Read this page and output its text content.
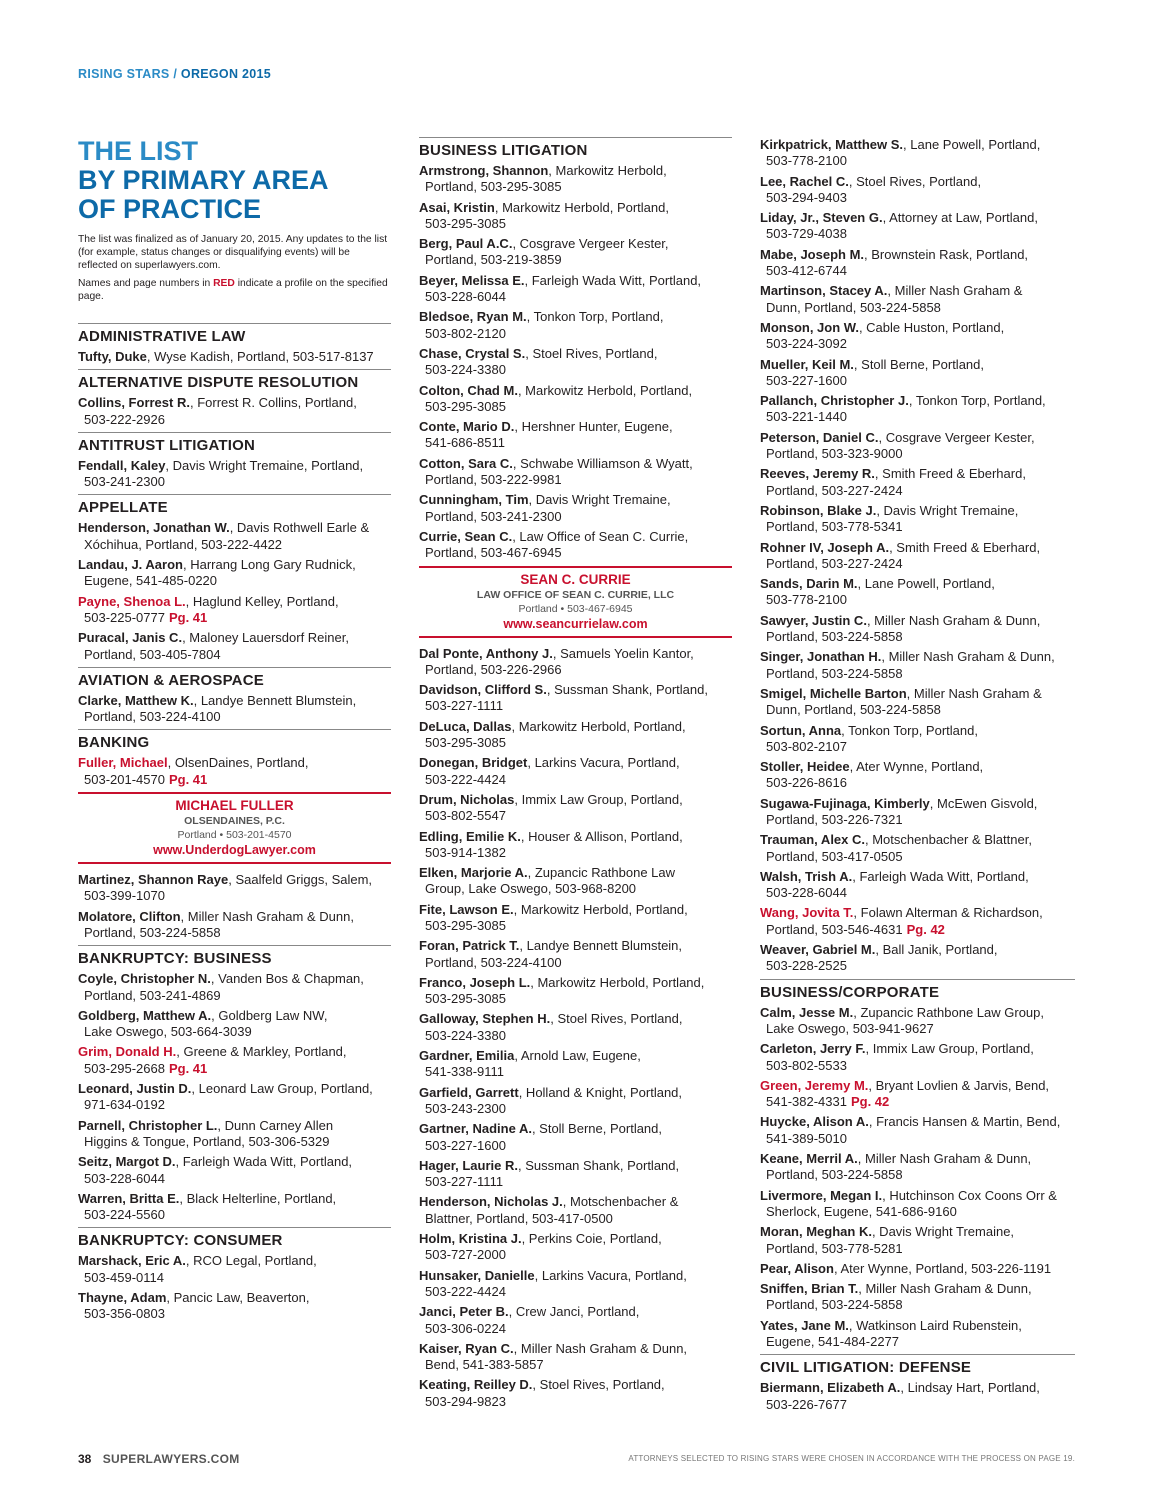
RISING STARS / OREGON 2015
THE LIST
BY PRIMARY AREA
OF PRACTICE

The list was finalized as of January 20, 2015. Any updates to the list (for example, status changes or disqualifying events) will be reflected on superlawyers.com.

Names and page numbers in RED indicate a profile on the specified page.

ADMINISTRATIVE LAW
Tufty, Duke, Wyse Kadish, Portland, 503-517-8137
ALTERNATIVE DISPUTE RESOLUTION
Collins, Forrest R., Forrest R. Collins, Portland,
503-222-2926
ANTITRUST LITIGATION
Fendall, Kaley, Davis Wright Tremaine, Portland,
503-241-2300
APPELLATE
Henderson, Jonathan W., Davis Rothwell Earle &
Xóchihua, Portland, 503-222-4422
Landau, J. Aaron, Harrang Long Gary Rudnick,
Eugene, 541-485-0220
Payne, Shenoa L., Haglund Kelley, Portland,
503-225-0777 Pg. 41
Puracal, Janis C., Maloney Lauersdorf Reiner,
Portland, 503-405-7804
AVIATION & AEROSPACE
Clarke, Matthew K., Landye Bennett Blumstein,
Portland, 503-224-4100
BANKING
Fuller, Michael, OlsenDaines, Portland,
503-201-4570 Pg. 41
MICHAEL FULLER
OLSENDAINES, P.C.
Portland • 503-201-4570
www.UnderdogLawyer.com
Martinez, Shannon Raye, Saalfeld Griggs, Salem,
503-399-1070
Molatore, Clifton, Miller Nash Graham & Dunn,
Portland, 503-224-5858
BANKRUPTCY: BUSINESS
Coyle, Christopher N., Vanden Bos & Chapman,
Portland, 503-241-4869
Goldberg, Matthew A., Goldberg Law NW,
Lake Oswego, 503-664-3039
Grim, Donald H., Greene & Markley, Portland,
503-295-2668 Pg. 41
Leonard, Justin D., Leonard Law Group, Portland,
971-634-0192
Parnell, Christopher L., Dunn Carney Allen
Higgins & Tongue, Portland, 503-306-5329
Seitz, Margot D., Farleigh Wada Witt, Portland,
503-228-6044
Warren, Britta E., Black Helterline, Portland,
503-224-5560
BANKRUPTCY: CONSUMER
Marshack, Eric A., RCO Legal, Portland,
503-459-0114
Thayne, Adam, Pancic Law, Beaverton,
503-356-0803
BUSINESS LITIGATION
Armstrong, Shannon, Markowitz Herbold,
Portland, 503-295-3085
Asai, Kristin, Markowitz Herbold, Portland,
503-295-3085
Berg, Paul A.C., Cosgrave Vergeer Kester,
Portland, 503-219-3859
Beyer, Melissa E., Farleigh Wada Witt, Portland,
503-228-6044
Bledsoe, Ryan M., Tonkon Torp, Portland,
503-802-2120
Chase, Crystal S., Stoel Rives, Portland,
503-224-3380
Colton, Chad M., Markowitz Herbold, Portland,
503-295-3085
Conte, Mario D., Hershner Hunter, Eugene,
541-686-8511
Cotton, Sara C., Schwabe Williamson & Wyatt,
Portland, 503-222-9981
Cunningham, Tim, Davis Wright Tremaine,
Portland, 503-241-2300
Currie, Sean C., Law Office of Sean C. Currie,
Portland, 503-467-6945
SEAN C. CURRIE
LAW OFFICE OF SEAN C. CURRIE, LLC
Portland • 503-467-6945
www.seancurrielaw.com
Dal Ponte, Anthony J., Samuels Yoelin Kantor,
Portland, 503-226-2966
Davidson, Clifford S., Sussman Shank, Portland,
503-227-1111
DeLuca, Dallas, Markowitz Herbold, Portland,
503-295-3085
Donegan, Bridget, Larkins Vacura, Portland,
503-222-4424
Drum, Nicholas, Immix Law Group, Portland,
503-802-5547
Edling, Emilie K., Houser & Allison, Portland,
503-914-1382
Elken, Marjorie A., Zupancic Rathbone Law
Group, Lake Oswego, 503-968-8200
Fite, Lawson E., Markowitz Herbold, Portland,
503-295-3085
Foran, Patrick T., Landye Bennett Blumstein,
Portland, 503-224-4100
Franco, Joseph L., Markowitz Herbold, Portland,
503-295-3085
Galloway, Stephen H., Stoel Rives, Portland,
503-224-3380
Gardner, Emilia, Arnold Law, Eugene,
541-338-9111
Garfield, Garrett, Holland & Knight, Portland,
503-243-2300
Gartner, Nadine A., Stoll Berne, Portland,
503-227-1600
Hager, Laurie R., Sussman Shank, Portland,
503-227-1111
Henderson, Nicholas J., Motschenbacher &
Blattner, Portland, 503-417-0500
Holm, Kristina J., Perkins Coie, Portland,
503-727-2000
Hunsaker, Danielle, Larkins Vacura, Portland,
503-222-4424
Janci, Peter B., Crew Janci, Portland,
503-306-0224
Kaiser, Ryan C., Miller Nash Graham & Dunn,
Bend, 541-383-5857
Keating, Reilley D., Stoel Rives, Portland,
503-294-9823
Kirkpatrick, Matthew S., Lane Powell, Portland,
503-778-2100
Lee, Rachel C., Stoel Rives, Portland,
503-294-9403
Liday, Jr., Steven G., Attorney at Law, Portland,
503-729-4038
Mabe, Joseph M., Brownstein Rask, Portland,
503-412-6744
Martinson, Stacey A., Miller Nash Graham &
Dunn, Portland, 503-224-5858
Monson, Jon W., Cable Huston, Portland,
503-224-3092
Mueller, Keil M., Stoll Berne, Portland,
503-227-1600
Pallanch, Christopher J., Tonkon Torp, Portland,
503-221-1440
Peterson, Daniel C., Cosgrave Vergeer Kester,
Portland, 503-323-9000
Reeves, Jeremy R., Smith Freed & Eberhard,
Portland, 503-227-2424
Robinson, Blake J., Davis Wright Tremaine,
Portland, 503-778-5341
Rohner IV, Joseph A., Smith Freed & Eberhard,
Portland, 503-227-2424
Sands, Darin M., Lane Powell, Portland,
503-778-2100
Sawyer, Justin C., Miller Nash Graham & Dunn,
Portland, 503-224-5858
Singer, Jonathan H., Miller Nash Graham & Dunn,
Portland, 503-224-5858
Smigel, Michelle Barton, Miller Nash Graham &
Dunn, Portland, 503-224-5858
Sortun, Anna, Tonkon Torp, Portland,
503-802-2107
Stoller, Heidee, Ater Wynne, Portland,
503-226-8616
Sugawa-Fujinaga, Kimberly, McEwen Gisvold,
Portland, 503-226-7321
Trauman, Alex C., Motschenbacher & Blattner,
Portland, 503-417-0505
Walsh, Trish A., Farleigh Wada Witt, Portland,
503-228-6044
Wang, Jovita T., Folawn Alterman & Richardson,
Portland, 503-546-4631 Pg. 42
Weaver, Gabriel M., Ball Janik, Portland,
503-228-2525
BUSINESS/CORPORATE
Calm, Jesse M., Zupancic Rathbone Law Group,
Lake Oswego, 503-941-9627
Carleton, Jerry F., Immix Law Group, Portland,
503-802-5533
Green, Jeremy M., Bryant Lovlien & Jarvis, Bend,
541-382-4331 Pg. 42
Huycke, Alison A., Francis Hansen & Martin, Bend,
541-389-5010
Keane, Merril A., Miller Nash Graham & Dunn,
Portland, 503-224-5858
Livermore, Megan I., Hutchinson Cox Coons Orr &
Sherlock, Eugene, 541-686-9160
Moran, Meghan K., Davis Wright Tremaine,
Portland, 503-778-5281
Pear, Alison, Ater Wynne, Portland, 503-226-1191
Sniffen, Brian T., Miller Nash Graham & Dunn,
Portland, 503-224-5858
Yates, Jane M., Watkinson Laird Rubenstein,
Eugene, 541-484-2277
CIVIL LITIGATION: DEFENSE
Biermann, Elizabeth A., Lindsay Hart, Portland,
503-226-7677
38 SUPERLAWYERS.COM	ATTORNEYS SELECTED TO RISING STARS WERE CHOSEN IN ACCORDANCE WITH THE PROCESS ON PAGE 19.
